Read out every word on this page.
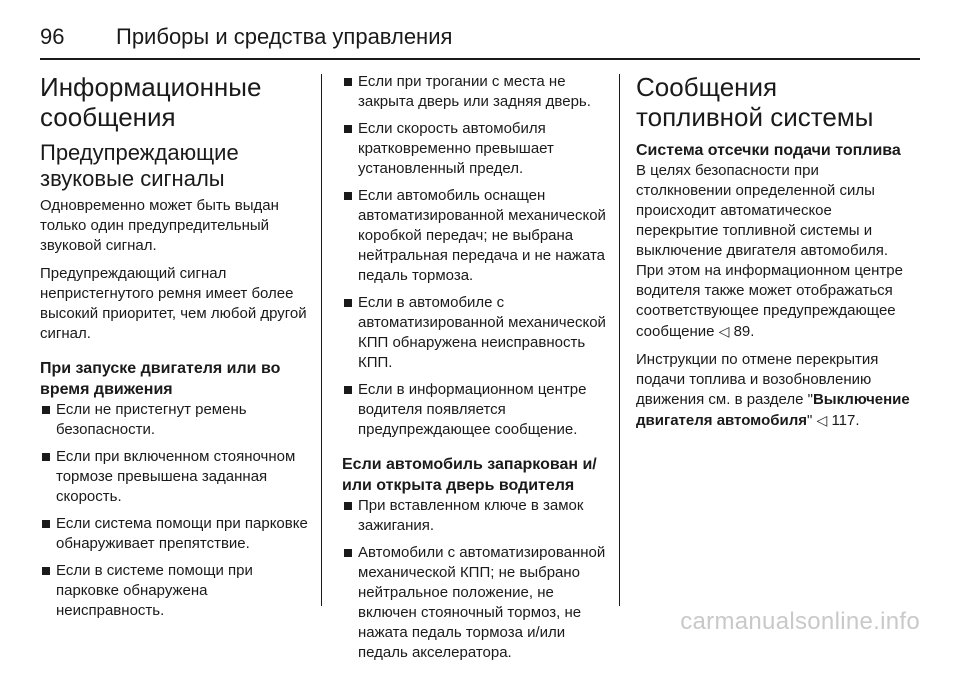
96 Приборы и средства управления
Информационные сообщения
Предупреждающие звуковые сигналы

Одновременно может быть выдан только один предупредительный звуковой сигнал.

Предупреждающий сигнал непристегнутого ремня имеет более высокий приоритет, чем любой другой сигнал.

При запуске двигателя или во время движения
Если не пристегнут ремень безопасности.
Если при включенном стояночном тормозе превышена заданная скорость.
Если система помощи при парковке обнаруживает препятствие.
Если в системе помощи при парковке обнаружена неисправность.
Если при трогании с места не закрыта дверь или задняя дверь.
Если скорость автомобиля кратковременно превышает установленный предел.
Если автомобиль оснащен автоматизированной механической коробкой передач; не выбрана нейтральная передача и не нажата педаль тормоза.
Если в автомобиле с автоматизированной механической КПП обнаружена неисправность КПП.
Если в информационном центре водителя появляется предупреждающее сообщение.
Если автомобиль запаркован и/или открыта дверь водителя
При вставленном ключе в замок зажигания.
Автомобили с автоматизированной механической КПП; не выбрано нейтральное положение, не включен стояночный тормоз, не нажата педаль тормоза и/или педаль акселератора.
Сообщения топливной системы
Система отсечки подачи топлива

В целях безопасности при столкновении определенной силы происходит автоматическое перекрытие топливной системы и выключение двигателя автомобиля. При этом на информационном центре водителя также может отображаться соответствующее предупреждающее сообщение ◁ 89.

Инструкции по отмене перекрытия подачи топлива и возобновлению движения см. в разделе "Выключение двигателя автомобиля" ◁ 117.

carmanualsonline.info
